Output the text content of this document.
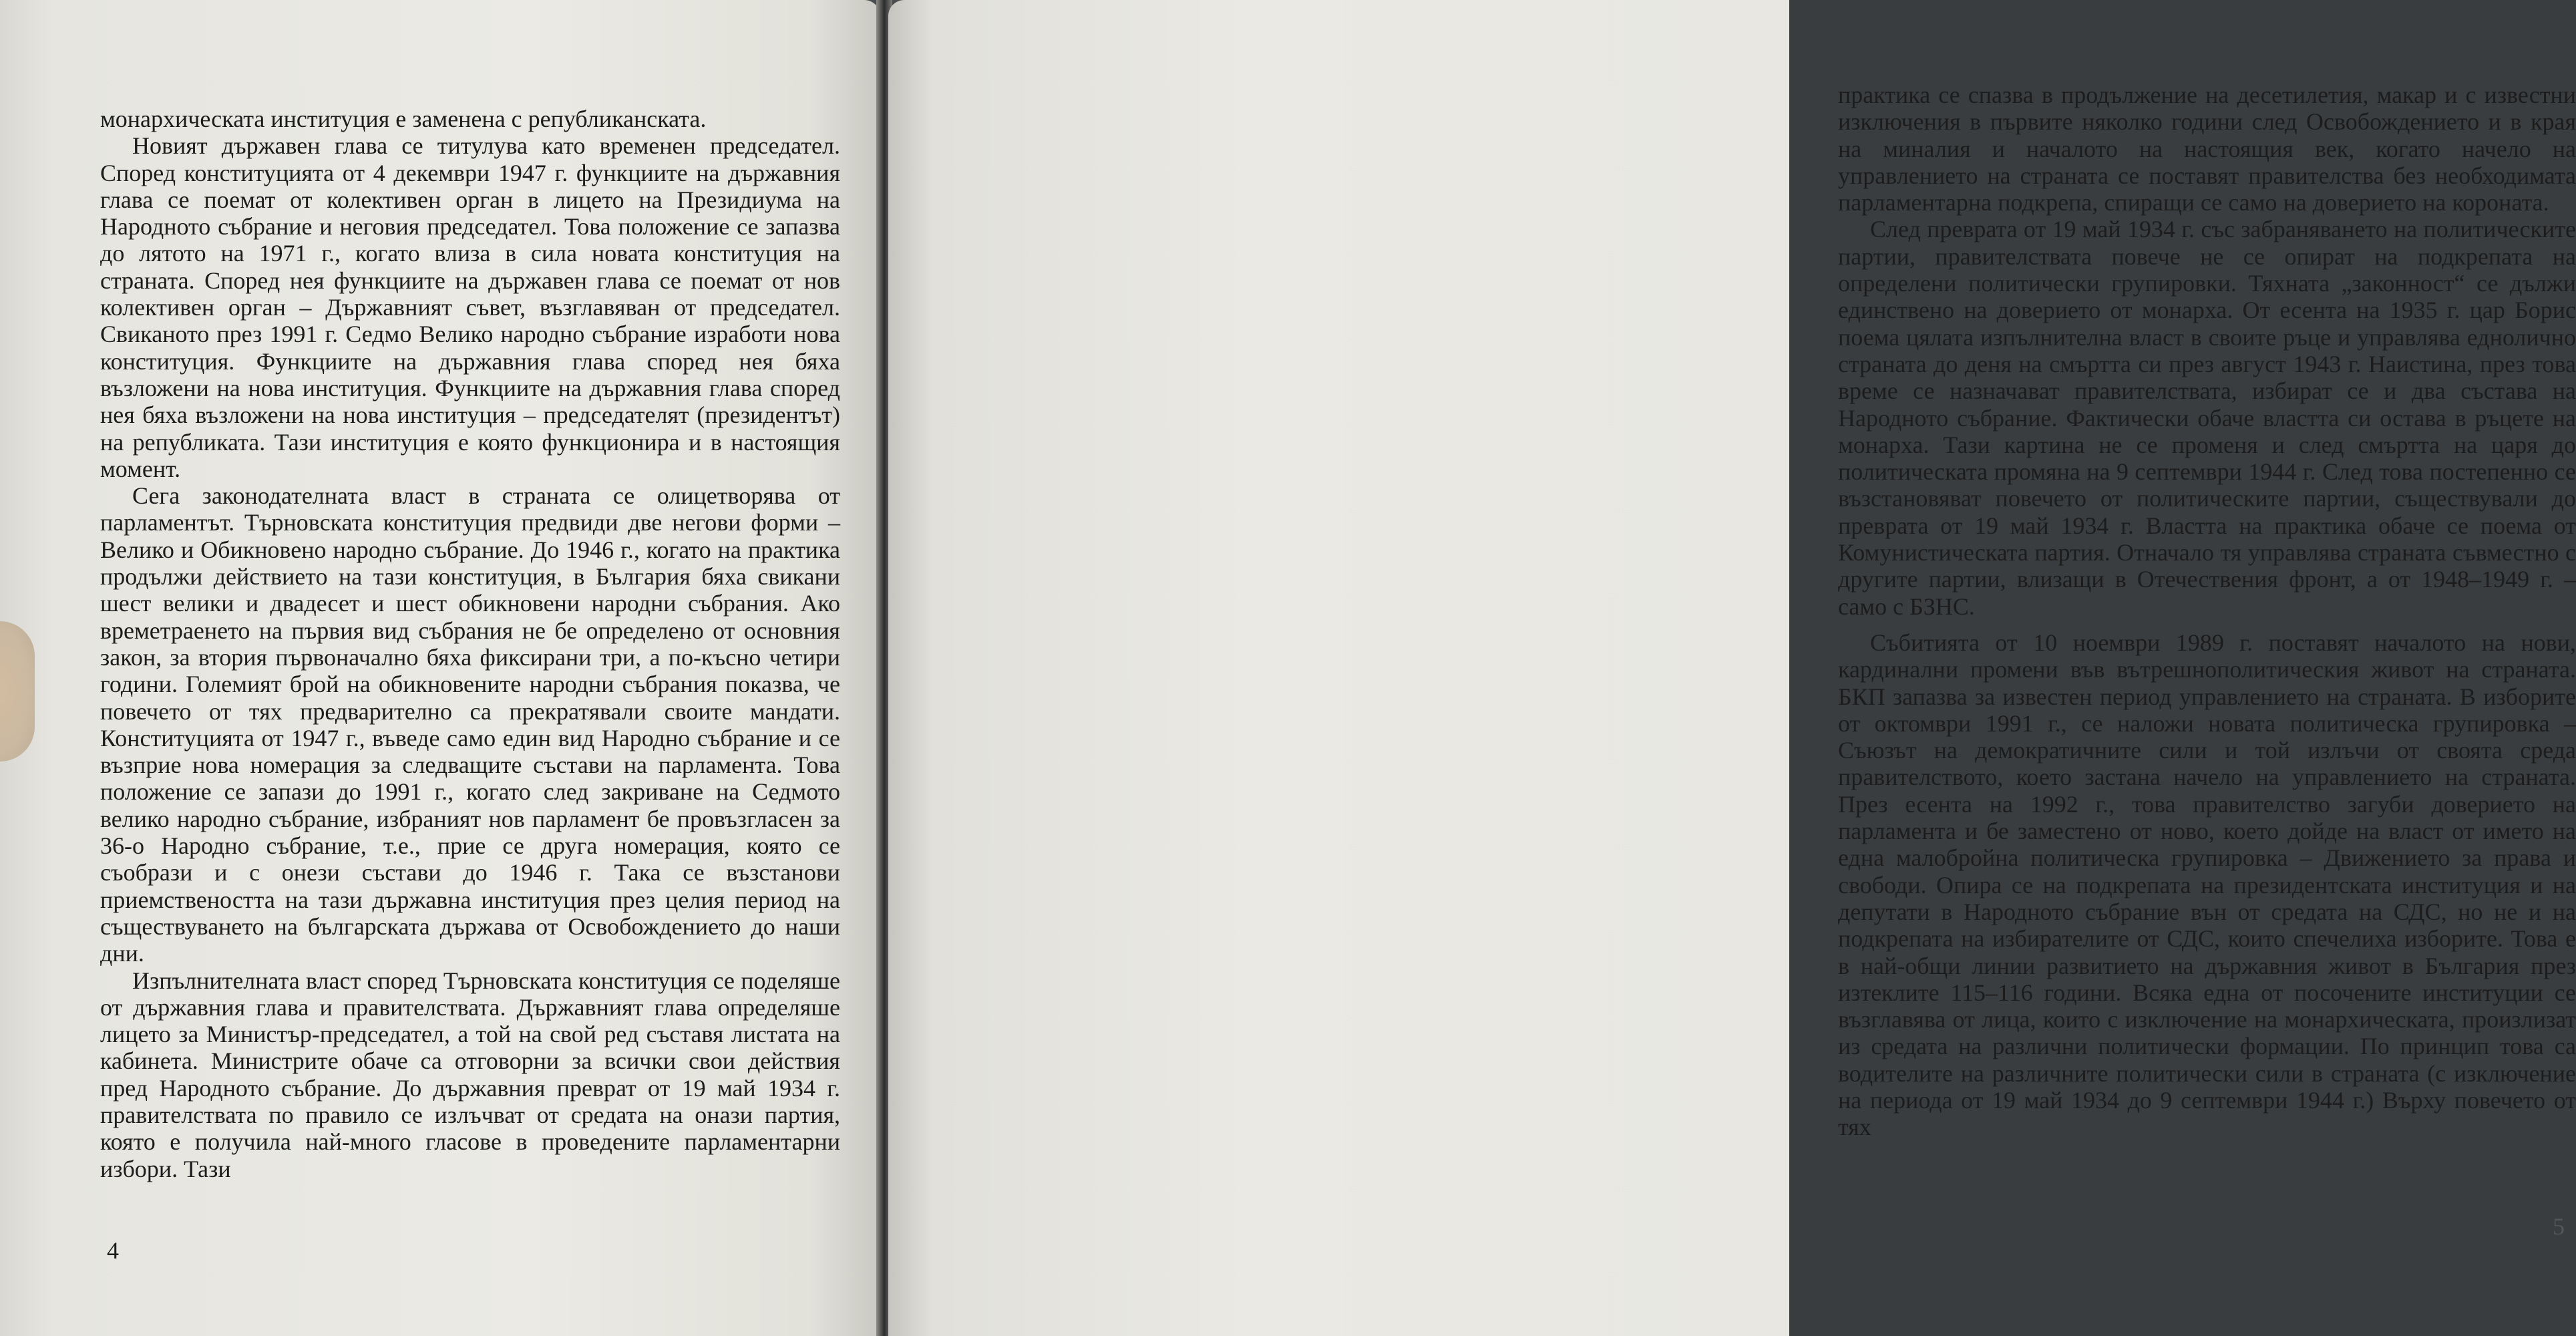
монархическата институция е заменена с републиканската.

Новият държавен глава се титулува като временен председател. Според конституцията от 4 декември 1947 г. функциите на държавния глава се поемат от колективен орган в лицето на Президиума на Народното събрание и неговия председател. Това положение се запазва до лятото на 1971 г., когато влиза в сила новата конституция на страната. Според нея функциите на държавен глава се поемат от нов колективен орган – Държавният съвет, възглавяван от председател. Свиканото през 1991 г. Седмо Велико народно събрание изработи нова конституция. Функциите на държавния глава според нея бяха възложени на нова институция. Функциите на държавния глава според нея бяха възложени на нова институция – председателят (президентът) на републиката. Тази институция е която функционира и в настоящия момент.

Сега законодателната власт в страната се олицетворява от парламентът. Търновската конституция предвиди две негови форми – Велико и Обикновено народно събрание. До 1946 г., когато на практика продължи действието на тази конституция, в България бяха свикани шест велики и двадесет и шест обикновени народни събрания. Ако времетраенето на първия вид събрания не бе определено от основния закон, за втория първоначално бяха фиксирани три, а по-късно четири години. Големият брой на обикновените народни събрания показва, че повечето от тях предварително са прекратявали своите мандати. Конституцията от 1947 г., въведе само един вид Народно събрание и се възприе нова номерация за следващите състави на парламента. Това положение се запази до 1991 г., когато след закриване на Седмото велико народно събрание, избраният нов парламент бе провъзгласен за 36-о Народно събрание, т.е., прие се друга номерация, която се съобрази и с онези състави до 1946 г. Така се възстанови приемствеността на тази държавна институция през целия период на съществуването на българската държава от Освобождението до наши дни.

Изпълнителната власт според Търновската конституция се поделяше от държавния глава и правителствата. Държавният глава определяше лицето за Министър-председател, а той на свой ред съставя листата на кабинета. Министрите обаче са отговорни за всички свои действия пред Народното събрание. До държавния преврат от 19 май 1934 г. правителствата по правило се излъчват от средата на онази партия, която е получила най-много гласове в проведените парламентарни избори. Тази

4

практика се спазва в продължение на десетилетия, макар и с известни изключения в първите няколко години след Освобождението и в края на миналия и началото на настоящия век, когато начело на управлението на страната се поставят правителства без необходимата парламентарна подкрепа, спиращи се само на доверието на короната.

След преврата от 19 май 1934 г. със забраняването на политическите партии, правителствата повече не се опират на подкрепата на определени политически групировки. Тяхната „законност“ се дължи единствено на доверието от монарха. От есента на 1935 г. цар Борис поема цялата изпълнителна власт в своите ръце и управлява еднолично страната до деня на смъртта си през август 1943 г. Наистина, през това време се назначават правителствата, избират се и два състава на Народното събрание. Фактически обаче властта си остава в ръцете на монарха. Тази картина не се променя и след смъртта на царя до политическата промяна на 9 септември 1944 г. След това постепенно се възстановяват повечето от политическите партии, съществували до преврата от 19 май 1934 г. Властта на практика обаче се поема от Комунистическата партия. Отначало тя управлява страната съвместно с другите партии, влизащи в Отечествения фронт, а от 1948–1949 г. – само с БЗНС.

Събитията от 10 ноември 1989 г. поставят началото на нови, кардинални промени във вътрешнополитическия живот на страната. БКП запазва за известен период управлението на страната. В изборите от октомври 1991 г., се наложи новата политическа групировка – Съюзът на демократичните сили и той излъчи от своята среда правителството, което застана начело на управлението на страната. През есента на 1992 г., това правителство загуби доверието на парламента и бе заместено от ново, което дойде на власт от името на една малобройна политическа групировка – Движението за права и свободи. Опира се на подкрепата на президентската институция и на депутати в Народното събрание вън от средата на СДС, но не и на подкрепата на избирателите от СДС, които спечелиха изборите. Това е в най-общи линии развитието на държавния живот в България през изтеклите 115–116 години. Всяка една от посочените институции се възглавява от лица, които с изключение на монархическата, произлизат из средата на различни политически формации. По принцип това са водителите на различните политически сили в страната (с изключение на периода от 19 май 1934 до 9 септември 1944 г.) Върху повечето от тях

5
